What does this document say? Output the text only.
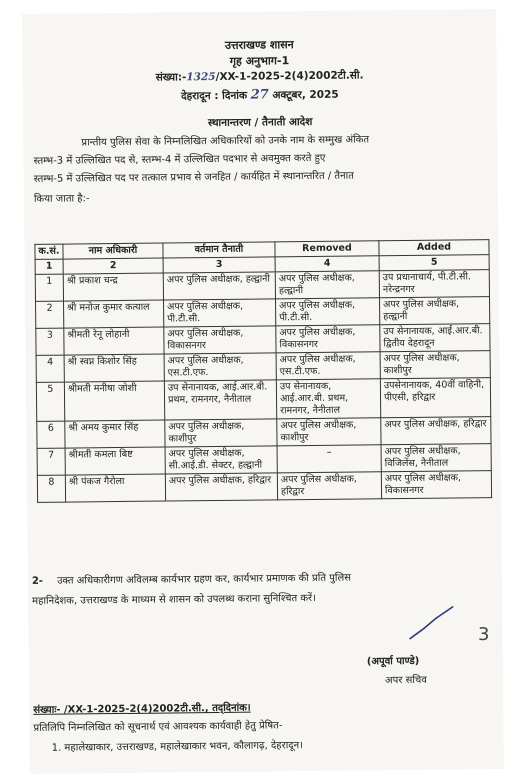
उत्तराखण्ड शासन
गृह अनुभाग-1
संख्या:-1325/XX-1-2025-2(4)2002टी.सी.
देहरादून : दिनांक 27 अक्टूबर, 2025
स्थानान्तरण / तैनाती आदेश
प्रान्तीय पुलिस सेवा के निम्नलिखित अधिकारियों को उनके नाम के सम्मुख अंकित
स्तम्भ-3 में उल्लिखित पद से, स्तम्भ-4 में उल्लिखित पदभार से अवमुक्त करते हुए
स्तम्भ-5 में उल्लिखित पद पर तत्काल प्रभाव से जनहित / कार्यहित में स्थानान्तरित / तैनात
किया जाता है:-
क.सं.	नाम अधिकारी	वर्तमान तैनाती	Removed	Added
1	2	3	4	5
1	श्री प्रकाश चन्द्र	अपर पुलिस अधीक्षक, हल्द्वानी	अपर पुलिस अधीक्षक, हल्द्वानी	उप प्रधानाचार्य, पी.टी.सी. नरेन्द्रनगर
2	श्री मनोज कुमार कत्याल	अपर पुलिस अधीक्षक, पी.टी.सी.	अपर पुलिस अधीक्षक, पी.टी.सी.	अपर पुलिस अधीक्षक, हल्द्वानी
3	श्रीमती रेनू लोहानी	अपर पुलिस अधीक्षक, विकासनगर	अपर पुलिस अधीक्षक, विकासनगर	उप सेनानायक, आई.आर.बी. द्वितीय देहरादून
4	श्री स्वप्न किशोर सिंह	अपर पुलिस अधीक्षक, एस.टी.एफ.	अपर पुलिस अधीक्षक, एस.टी.एफ.	अपर पुलिस अधीक्षक, काशीपुर
5	श्रीमती मनीषा जोशी	उप सेनानायक, आई.आर.बी. प्रथम, रामनगर, नैनीताल	उप सेनानायक, आई.आर.बी. प्रथम, रामनगर, नैनीताल	उपसेनानायक, 40वीं वाहिनी, पीएसी, हरिद्वार
6	श्री अमय कुमार सिंह	अपर पुलिस अधीक्षक, काशीपुर	अपर पुलिस अधीक्षक, काशीपुर	अपर पुलिस अधीक्षक, हरिद्वार
7	श्रीमती कमला बिष्ट	अपर पुलिस अधीक्षक, सी.आई.डी. सेक्टर, हल्द्वानी	–	अपर पुलिस अधीक्षक, विजिलेंस, नैनीताल
8	श्री पंकज गैरोला	अपर पुलिस अधीक्षक, हरिद्वार	अपर पुलिस अधीक्षक, हरिद्वार	अपर पुलिस अधीक्षक, विकासनगर
2- उक्त अधिकारीगण अविलम्ब कार्यभार ग्रहण कर, कार्यभार प्रमाणक की प्रति पुलिस
महानिदेशक, उत्तराखण्ड के माध्यम से शासन को उपलब्ध कराना सुनिश्चित करें।
(अपूर्वा पाण्डे)
अपर सचिव
संख्याः- /XX-1-2025-2(4)2002टी.सी., तद्‌दिनांक।
प्रतिलिपि निम्नलिखित को सूचनार्थ एवं आवश्यक कार्यवाही हेतु प्रेषित-
1. महालेखाकार, उत्तराखण्ड, महालेखाकार भवन, कौलागढ़, देहरादून।
3
